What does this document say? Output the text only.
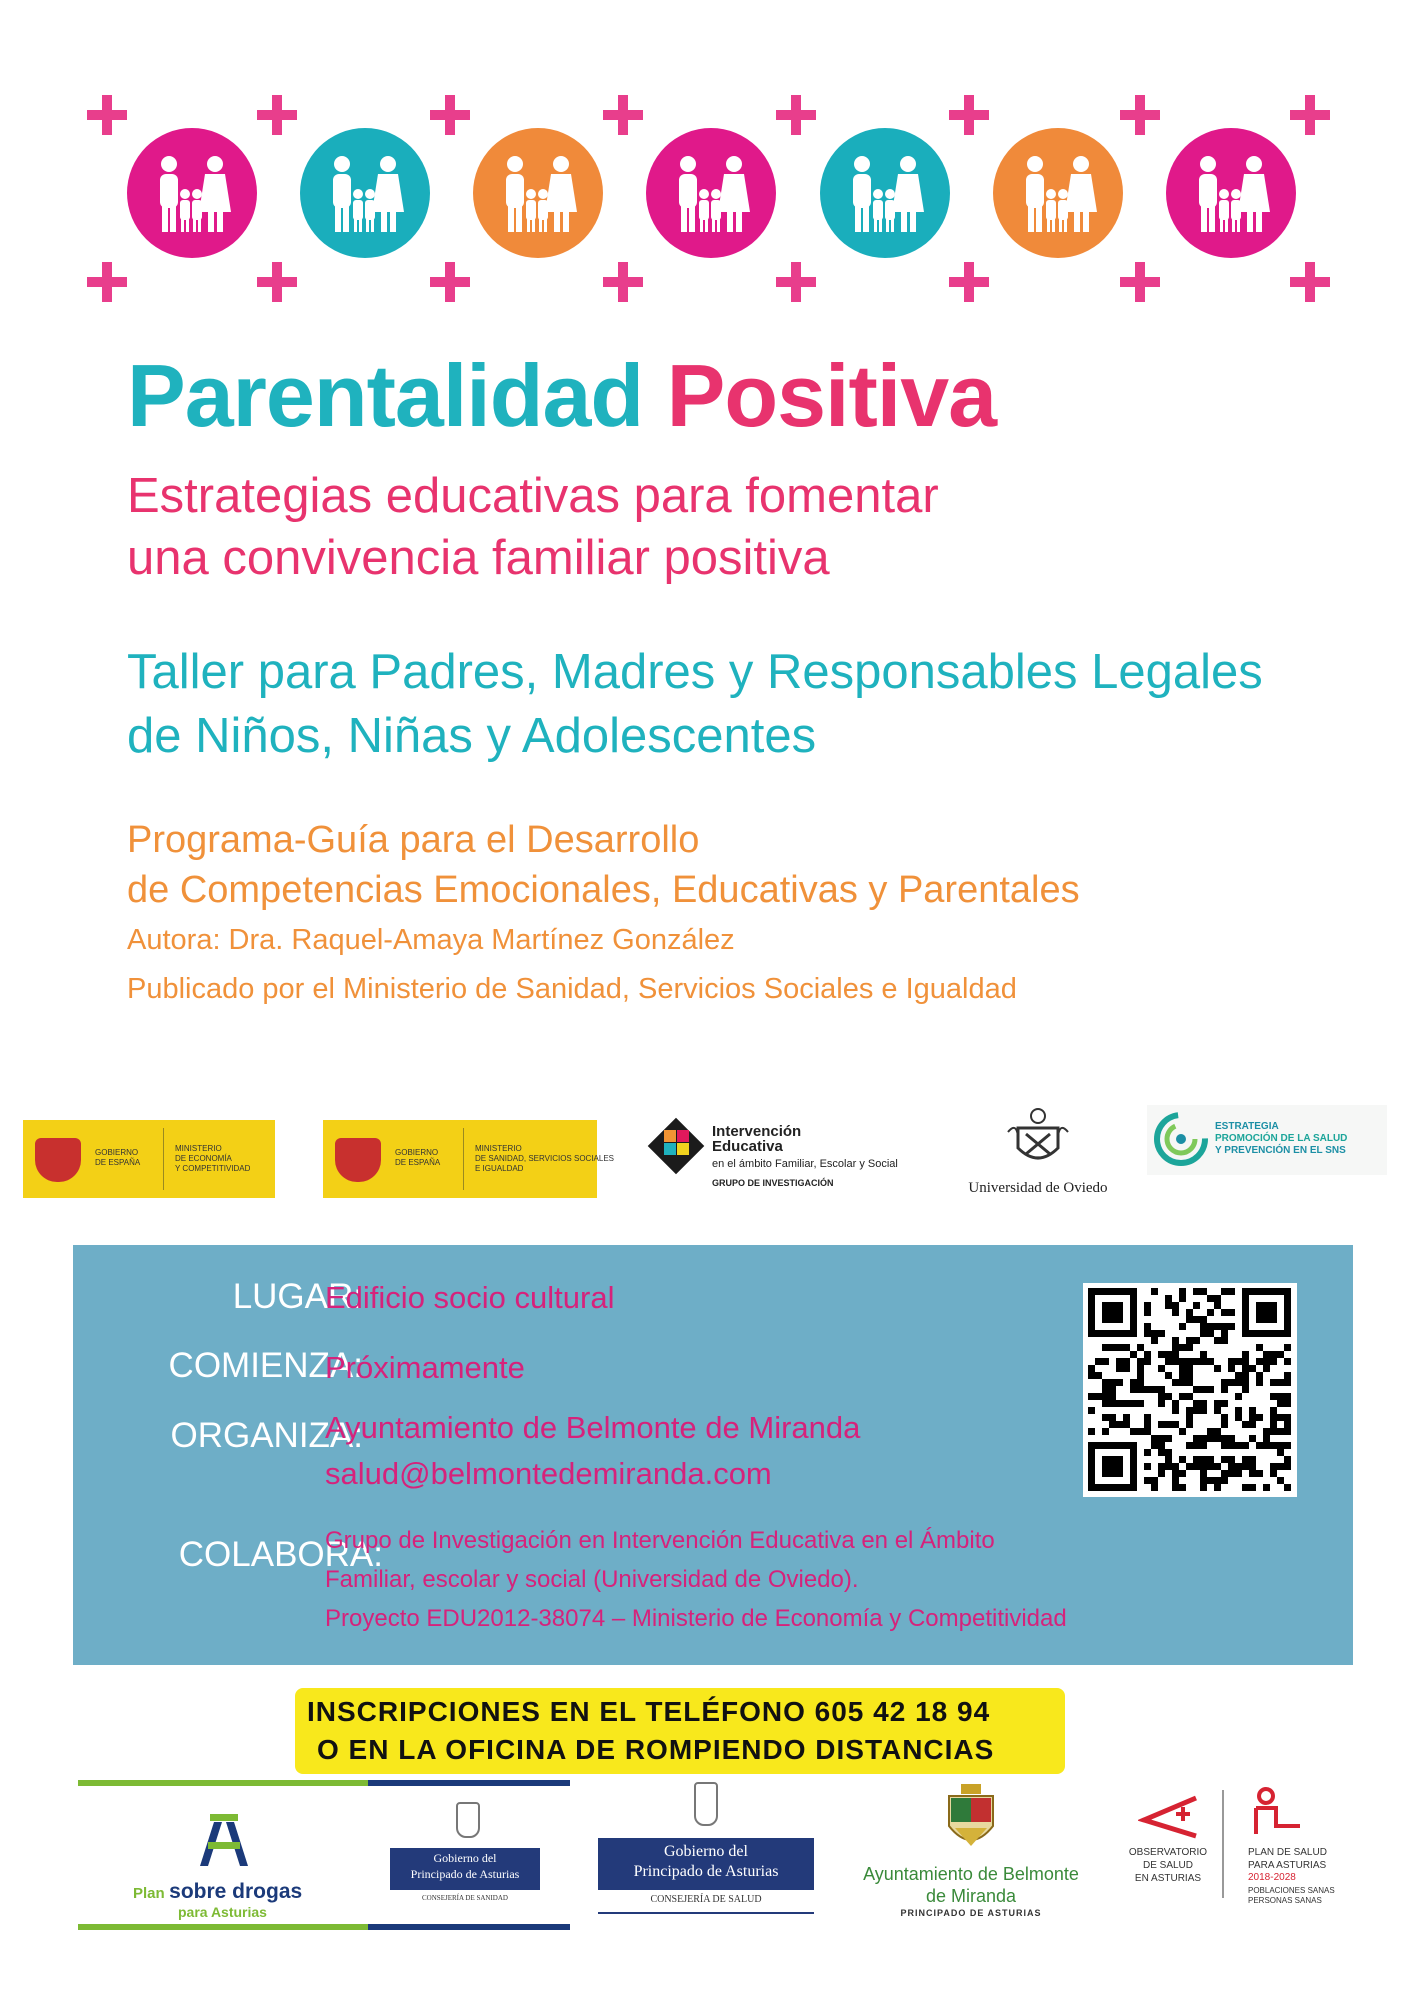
Parentalidad Positiva
Estrategias educativas para fomentar
una convivencia familiar positiva
Taller para Padres, Madres y Responsables Legales
de Niños, Niñas y Adolescentes
Programa-Guía para el Desarrollo
de Competencias Emocionales, Educativas y Parentales
Autora: Dra. Raquel-Amaya Martínez González
Publicado por el Ministerio de Sanidad, Servicios Sociales e Igualdad
GOBIERNO
DE ESPAÑA
MINISTERIO
DE ECONOMÍA
Y COMPETITIVIDAD
GOBIERNO
DE ESPAÑA
MINISTERIO
DE SANIDAD, SERVICIOS SOCIALES
E IGUALDAD
Intervención
Educativa
en el ámbito Familiar, Escolar y Social
GRUPO DE INVESTIGACIÓN	Universidad de Oviedo
ESTRATEGIA
PROMOCIÓN DE LA SALUD
Y PREVENCIÓN EN EL SNS
LUGAR:
Edificio socio cultural
COMIENZA:
Próximamente
ORGANIZA:
Ayuntamiento de Belmonte de Miranda
salud@belmontedemiranda.com
COLABORA:
Grupo de Investigación en Intervención Educativa en el Ámbito
Familiar, escolar y social (Universidad de Oviedo).
Proyecto EDU2012-38074 – Ministerio de Economía y Competitividad
INSCRIPCIONES EN EL TELÉFONO 605 42 18 94
O EN LA OFICINA DE ROMPIENDO DISTANCIAS
Plan sobre drogas
para Asturias
Gobierno del
Principado de Asturias
CONSEJERÍA DE SANIDAD
Gobierno del
Principado de Asturias
CONSEJERÍA DE SALUD
Ayuntamiento de Belmonte
de Miranda
PRINCIPADO DE ASTURIAS
OBSERVATORIO
DE SALUD
EN ASTURIAS
PLAN DE SALUD
PARA ASTURIAS
2018-2028
POBLACIONES SANAS
PERSONAS SANAS
